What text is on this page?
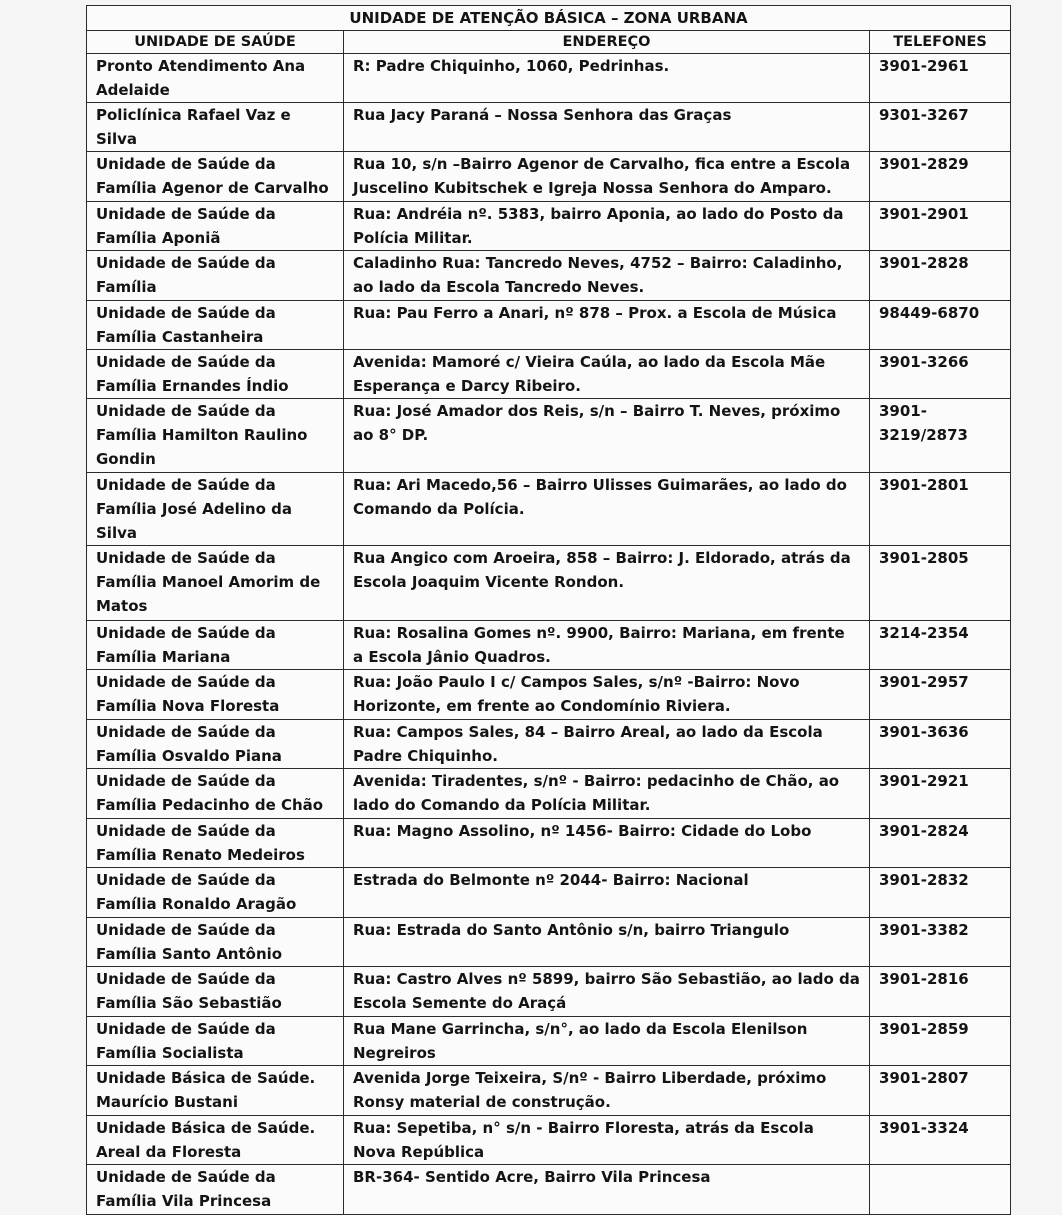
UNIDADE DE ATENÇÃO BÁSICA – ZONA URBANA		
UNIDADE DE SAÚDE	ENDEREÇO	TELEFONES
Pronto Atendimento Ana Adelaide	R: Padre Chiquinho, 1060, Pedrinhas.	3901-2961
Policlínica Rafael Vaz e Silva	Rua Jacy Paraná – Nossa Senhora das Graças	9301-3267
Unidade de Saúde da Família Agenor de Carvalho	Rua 10, s/n –Bairro Agenor de Carvalho, fica entre a Escola Juscelino Kubitschek e Igreja Nossa Senhora do Amparo.	3901-2829
Unidade de Saúde da Família Aponiã	Rua: Andréia nº. 5383, bairro Aponia, ao lado do Posto da Polícia Militar.	3901-2901
Unidade de Saúde da Família	Caladinho Rua: Tancredo Neves, 4752 – Bairro: Caladinho, ao lado da Escola Tancredo Neves.	3901-2828
Unidade de Saúde da Família Castanheira	Rua: Pau Ferro a Anari, nº 878 – Prox. a Escola de Música	98449-6870
Unidade de Saúde da Família Ernandes Índio	Avenida: Mamoré c/ Vieira Caúla, ao lado da Escola Mãe Esperança e Darcy Ribeiro.	3901-3266
Unidade de Saúde da Família Hamilton Raulino Gondin	Rua: José Amador dos Reis, s/n – Bairro T. Neves, próximo ao 8° DP.	3901-3219/2873
Unidade de Saúde da Família José Adelino da Silva	Rua: Ari Macedo,56 – Bairro Ulisses Guimarães, ao lado do Comando da Polícia.	3901-2801
Unidade de Saúde da Família Manoel Amorim de Matos	Rua Angico com Aroeira, 858 – Bairro: J. Eldorado, atrás da Escola Joaquim Vicente Rondon.	3901-2805
Unidade de Saúde da Família Mariana	Rua: Rosalina Gomes nº. 9900, Bairro: Mariana, em frente a Escola Jânio Quadros.	3214-2354
Unidade de Saúde da Família Nova Floresta	Rua: João Paulo I c/ Campos Sales, s/nº -Bairro: Novo Horizonte, em frente ao Condomínio Riviera.	3901-2957
Unidade de Saúde da Família Osvaldo Piana	Rua: Campos Sales, 84 – Bairro Areal, ao lado da Escola Padre Chiquinho.	3901-3636
Unidade de Saúde da Família Pedacinho de Chão	Avenida: Tiradentes, s/nº - Bairro: pedacinho de Chão, ao lado do Comando da Polícia Militar.	3901-2921
Unidade de Saúde da Família Renato Medeiros	Rua: Magno Assolino, nº 1456- Bairro: Cidade do Lobo	3901-2824
Unidade de Saúde da Família Ronaldo Aragão	Estrada do Belmonte nº 2044- Bairro: Nacional	3901-2832
Unidade de Saúde da Família Santo Antônio	Rua: Estrada do Santo Antônio s/n, bairro Triangulo	3901-3382
Unidade de Saúde da Família São Sebastião	Rua: Castro Alves nº 5899, bairro São Sebastião, ao lado da Escola Semente do Araçá	3901-2816
Unidade de Saúde da Família Socialista	Rua Mane Garrincha, s/n°, ao lado da Escola Elenilson Negreiros	3901-2859
Unidade Básica de Saúde. Maurício Bustani	Avenida Jorge Teixeira, S/nº - Bairro Liberdade, próximo Ronsy material de construção.	3901-2807
Unidade Básica de Saúde. Areal da Floresta	Rua: Sepetiba, n° s/n - Bairro Floresta, atrás da Escola Nova República	3901-3324
Unidade de Saúde da Família Vila Princesa	BR-364- Sentido Acre, Bairro Vila Princesa	
